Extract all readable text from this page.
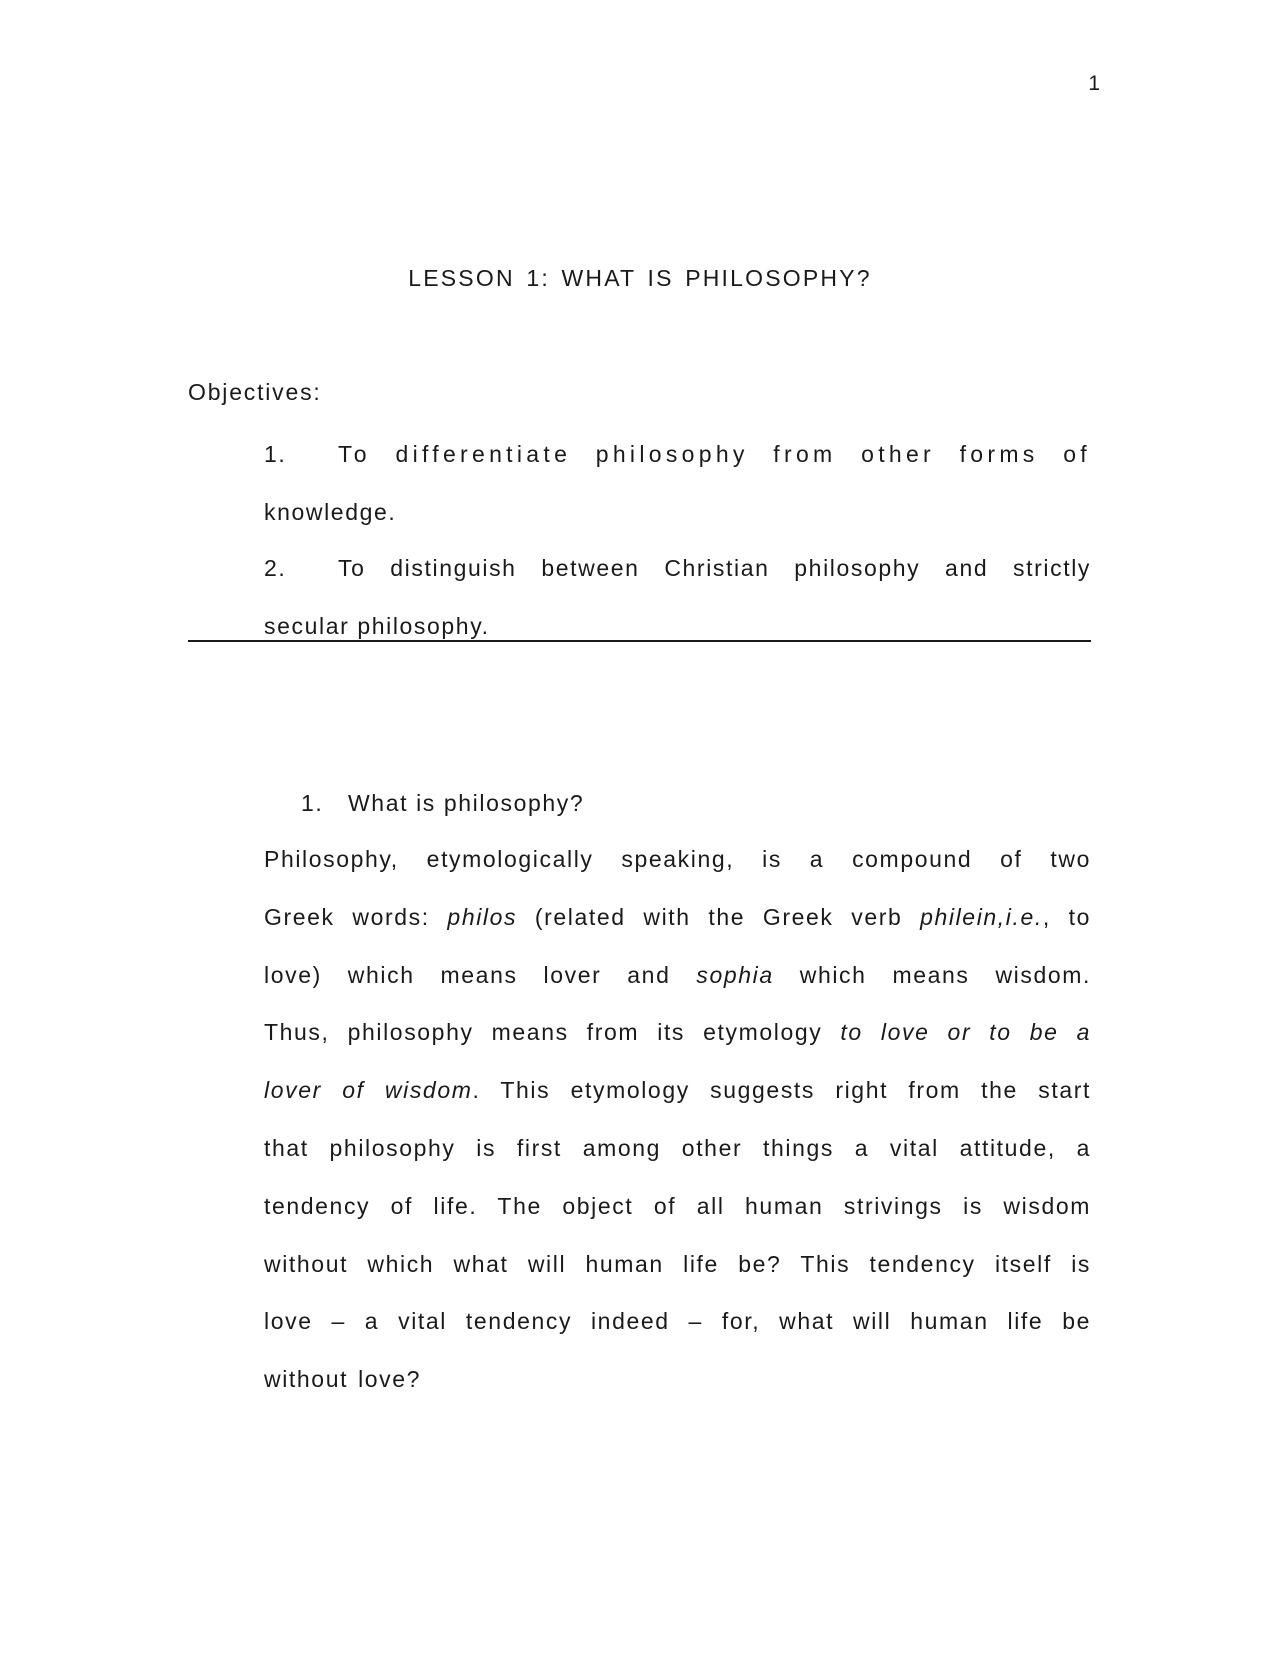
1
LESSON 1: WHAT IS PHILOSOPHY?
Objectives:
1. To differentiate philosophy from other forms of
knowledge.
2. To distinguish between Christian philosophy and strictly
secular philosophy.
1. What is philosophy?
Philosophy, etymologically speaking, is a compound of two
Greek words: philos (related with the Greek verb philein,i.e., to
love) which means lover and sophia which means wisdom.
Thus, philosophy means from its etymology to love or to be a
lover of wisdom. This etymology suggests right from the start
that philosophy is first among other things a vital attitude, a
tendency of life. The object of all human strivings is wisdom
without which what will human life be? This tendency itself is
love – a vital tendency indeed – for, what will human life be
without love?
